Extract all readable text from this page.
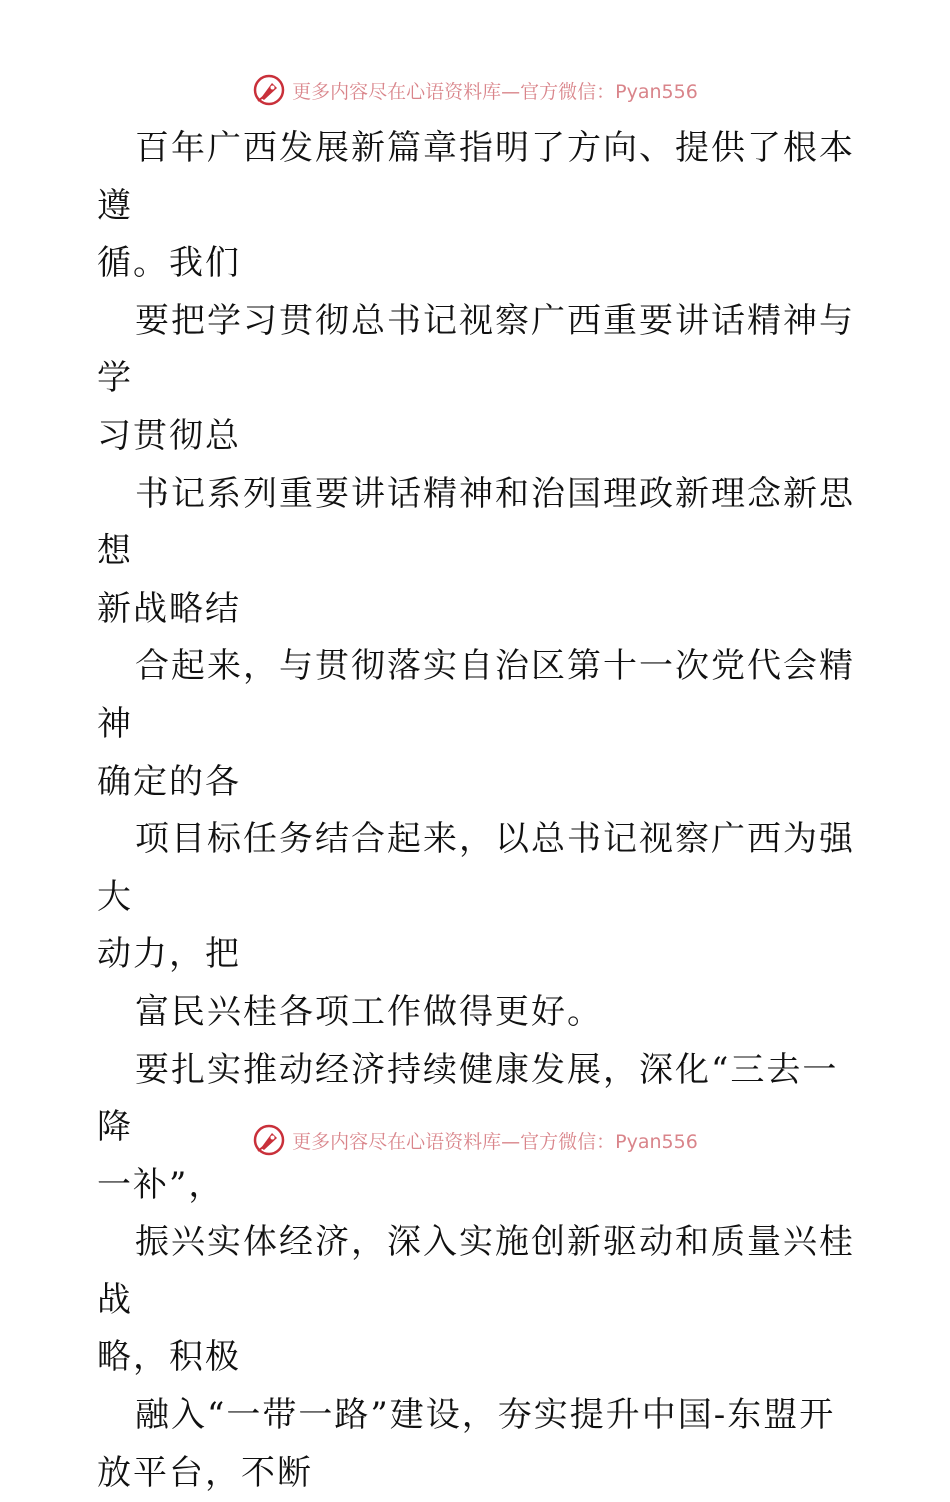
更多内容尽在心语资料库—官方微信：Pyan556

百年广西发展新篇章指明了方向、提供了根本遵
循。我们

要把学习贯彻总书记视察广西重要讲话精神与学
习贯彻总

书记系列重要讲话精神和治国理政新理念新思想
新战略结

合起来，与贯彻落实自治区第十一次党代会精神
确定的各

项目标任务结合起来，以总书记视察广西为强大
动力，把

富民兴桂各项工作做得更好。

要扎实推动经济持续健康发展，深化“三去一降
一补”，

振兴实体经济，深入实施创新驱动和质量兴桂战
略，积极

融入“一带一路”建设，夯实提升中国-东盟开
放平台，不断

更多内容尽在心语资料库—官方微信：Pyan556
